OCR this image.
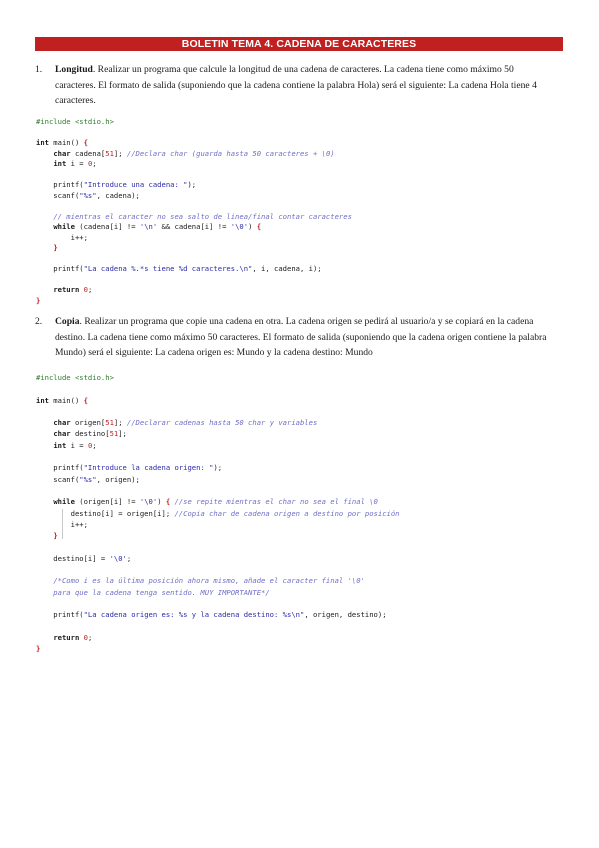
BOLETIN TEMA 4. CADENA DE CARACTERES
1. Longitud. Realizar un programa que calcule la longitud de una cadena de caracteres. La cadena tiene como máximo 50 caracteres. El formato de salida (suponiendo que la cadena contiene la palabra Hola) será el siguiente: La cadena Hola tiene 4 caracteres.
#include <stdio.h>
int main() {
char cadena[51]; //Declara char (guarda hasta 50 caracteres + \0)
int i = 0;
printf("Introduce una cadena: ");
scanf("%s", cadena);
// mientras el caracter no sea salto de linea/final contar caracteres
while (cadena[i] != '\n' && cadena[i] != '\0') {
i++;
}
printf("La cadena %.*s tiene %d caracteres.\n", i, cadena, i);
return 0;
}
2. Copia. Realizar un programa que copie una cadena en otra. La cadena origen se pedirá al usuario/a y se copiará en la cadena destino. La cadena tiene como máximo 50 caracteres. El formato de salida (suponiendo que la cadena origen contiene la palabra Mundo) será el siguiente: La cadena origen es: Mundo y la cadena destino: Mundo
#include <stdio.h>
int main() {
char origen[51]; //Declarar cadenas hasta 50 char y variables
char destino[51];
int i = 0;
printf("Introduce la cadena origen: ");
scanf("%s", origen);
while (origen[i] != '\0') { //se repite mientras el char no sea el final \0
destino[i] = origen[i]; //Copia char de cadena origen a destino por posición
i++;
}
destino[i] = '\0';
/*Como i es la última posición ahora mismo, añade el caracter final '\0'
para que la cadena tenga sentido. MUY IMPORTANTE*/
printf("La cadena origen es: %s y la cadena destino: %s\n", origen, destino);
return 0;
}
